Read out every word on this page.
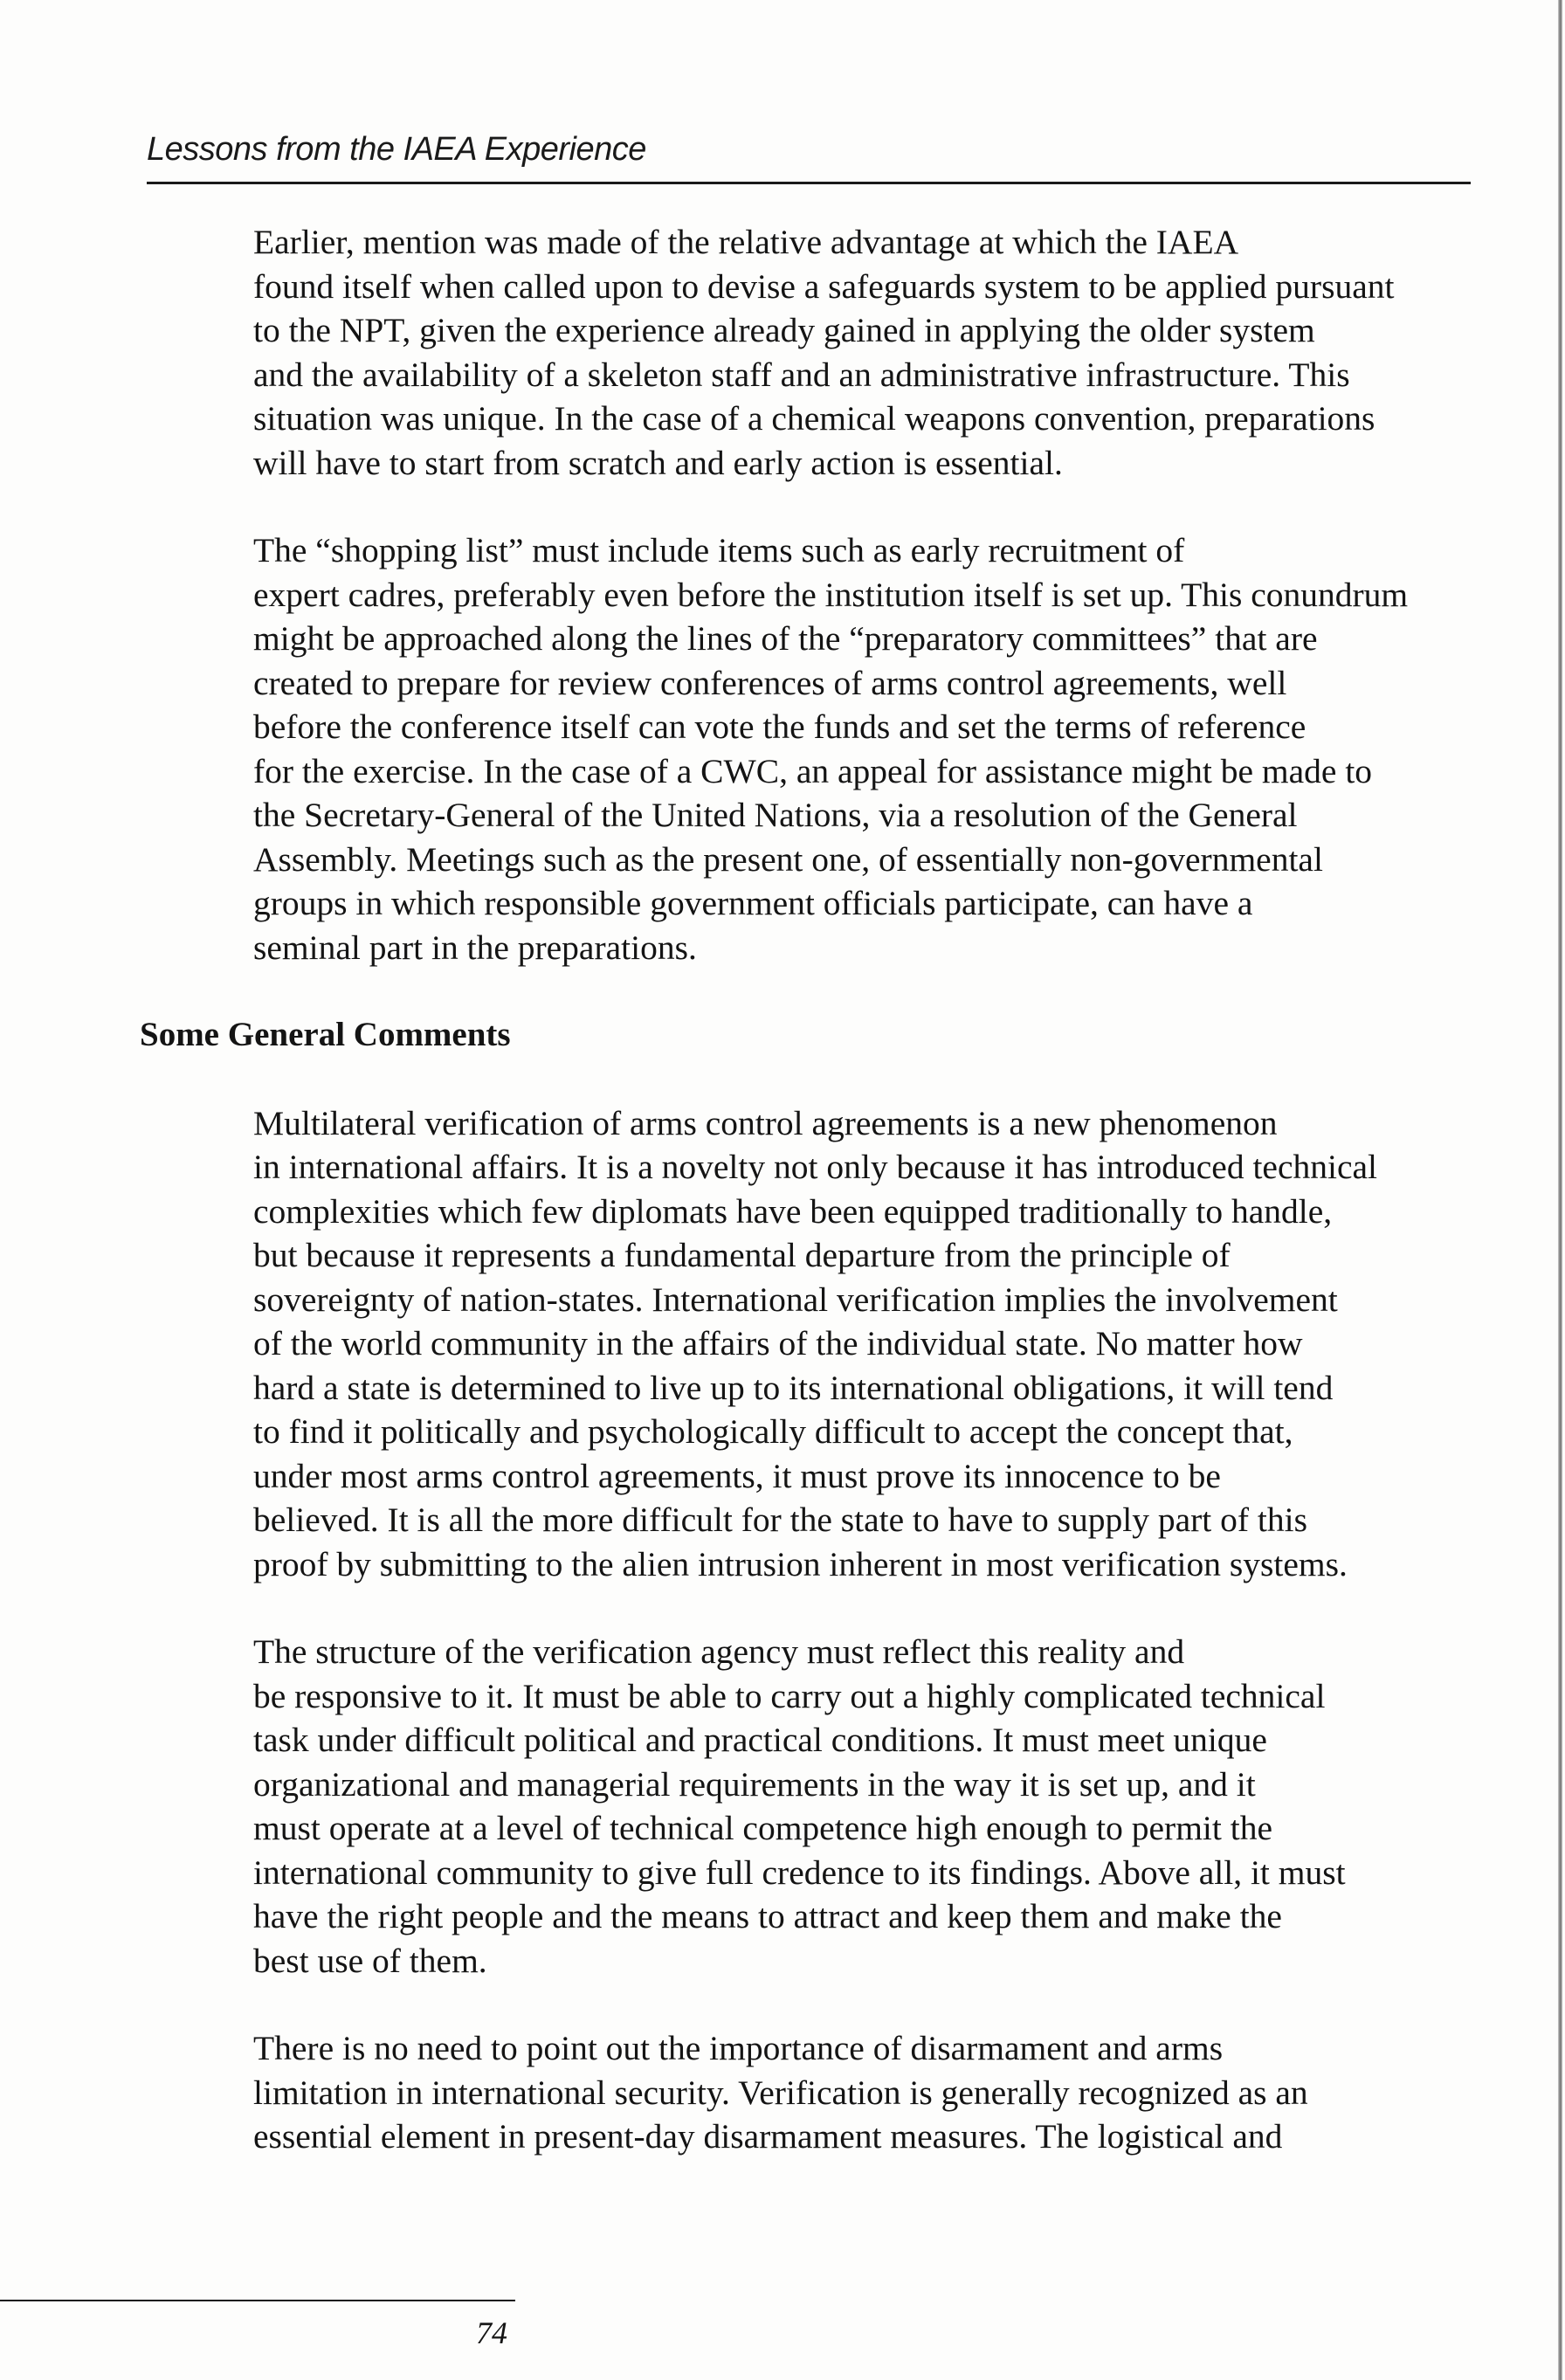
Lessons from the IAEA Experience

Earlier, mention was made of the relative advantage at which the IAEA
found itself when called upon to devise a safeguards system to be applied pursuant
to the NPT, given the experience already gained in applying the older system
and the availability of a skeleton staff and an administrative infrastructure. This
situation was unique. In the case of a chemical weapons convention, preparations
will have to start from scratch and early action is essential.

The “shopping list” must include items such as early recruitment of
expert cadres, preferably even before the institution itself is set up. This conundrum
might be approached along the lines of the “preparatory committees” that are
created to prepare for review conferences of arms control agreements, well
before the conference itself can vote the funds and set the terms of reference
for the exercise. In the case of a CWC, an appeal for assistance might be made to
the Secretary-General of the United Nations, via a resolution of the General
Assembly. Meetings such as the present one, of essentially non-governmental
groups in which responsible government officials participate, can have a
seminal part in the preparations.

Some General Comments

Multilateral verification of arms control agreements is a new phenomenon
in international affairs. It is a novelty not only because it has introduced technical
complexities which few diplomats have been equipped traditionally to handle,
but because it represents a fundamental departure from the principle of
sovereignty of nation-states. International verification implies the involvement
of the world community in the affairs of the individual state. No matter how
hard a state is determined to live up to its international obligations, it will tend
to find it politically and psychologically difficult to accept the concept that,
under most arms control agreements, it must prove its innocence to be
believed. It is all the more difficult for the state to have to supply part of this
proof by submitting to the alien intrusion inherent in most verification systems.

The structure of the verification agency must reflect this reality and
be responsive to it. It must be able to carry out a highly complicated technical
task under difficult political and practical conditions. It must meet unique
organizational and managerial requirements in the way it is set up, and it
must operate at a level of technical competence high enough to permit the
international community to give full credence to its findings. Above all, it must
have the right people and the means to attract and keep them and make the
best use of them.

There is no need to point out the importance of disarmament and arms
limitation in international security. Verification is generally recognized as an
essential element in present-day disarmament measures. The logistical and

74
